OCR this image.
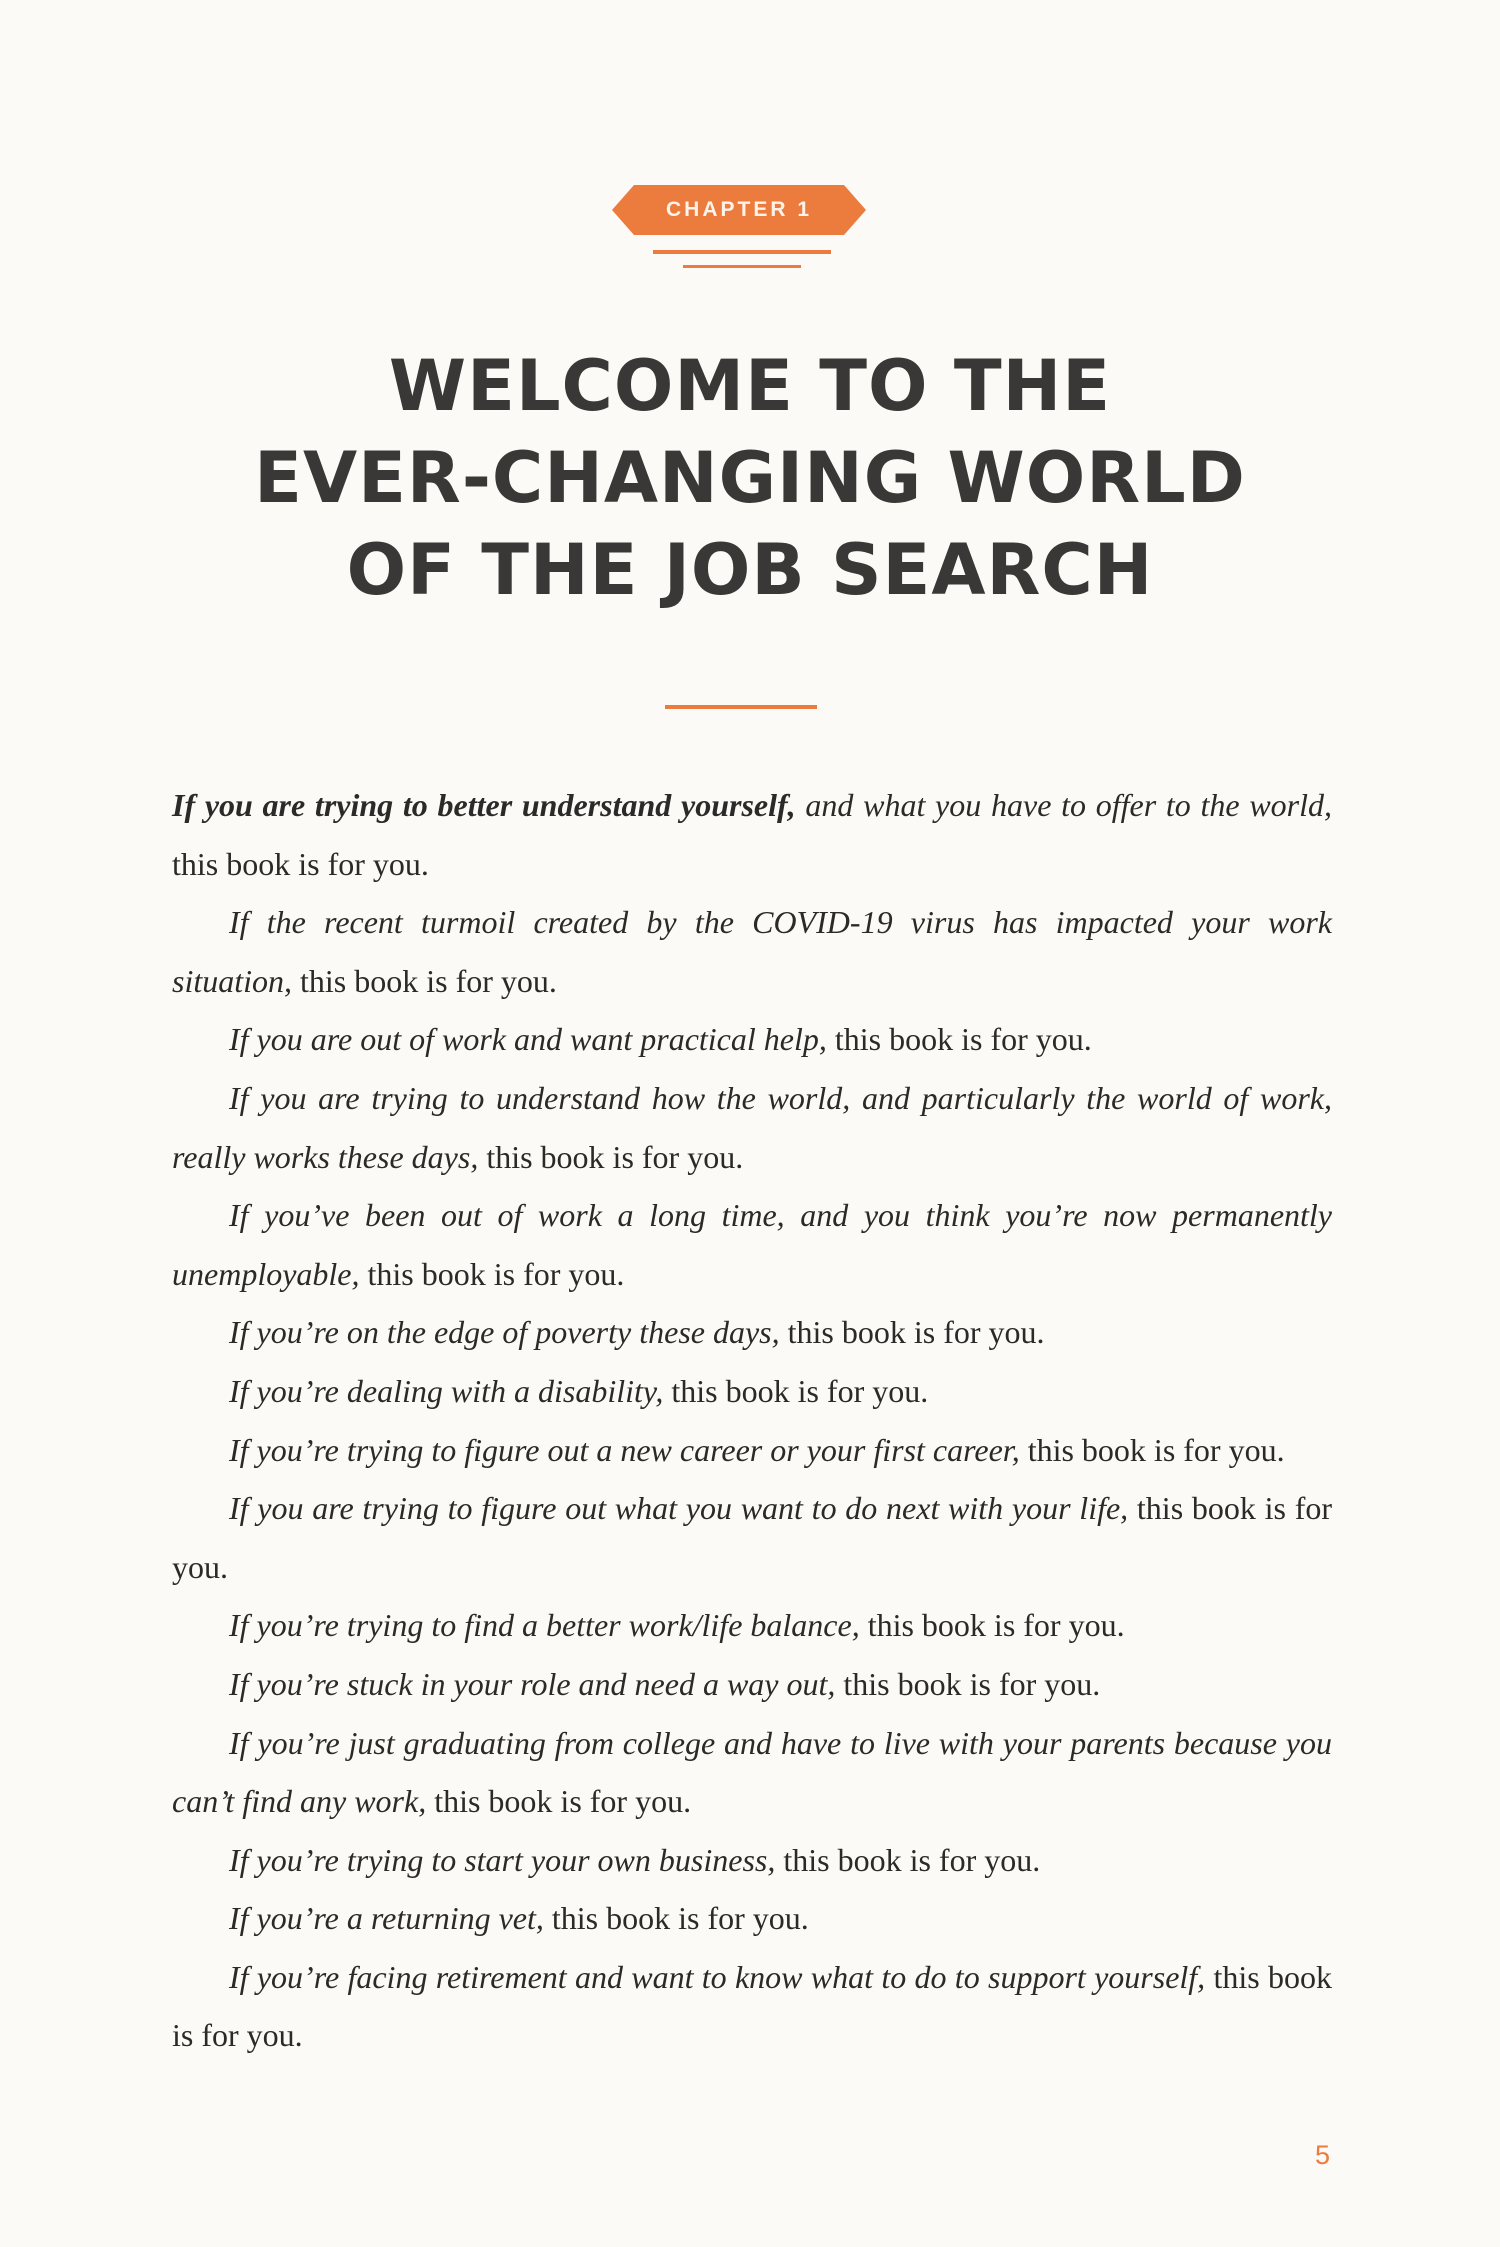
CHAPTER 1
WELCOME TO THE
EVER-CHANGING WORLD
OF THE JOB SEARCH

If you are trying to better understand yourself, and what you have to offer to the world, this book is for you.

If the recent turmoil created by the COVID-19 virus has impacted your work situation, this book is for you.

If you are out of work and want practical help, this book is for you.

If you are trying to understand how the world, and particularly the world of work, really works these days, this book is for you.

If you’ve been out of work a long time, and you think you’re now permanently unemployable, this book is for you.

If you’re on the edge of poverty these days, this book is for you.

If you’re dealing with a disability, this book is for you.

If you’re trying to figure out a new career or your first career, this book is for you.

If you are trying to figure out what you want to do next with your life, this book is for you.

If you’re trying to find a better work/life balance, this book is for you.

If you’re stuck in your role and need a way out, this book is for you.

If you’re just graduating from college and have to live with your parents because you can’t find any work, this book is for you.

If you’re trying to start your own business, this book is for you.

If you’re a returning vet, this book is for you.

If you’re facing retirement and want to know what to do to support yourself, this book is for you.

5
